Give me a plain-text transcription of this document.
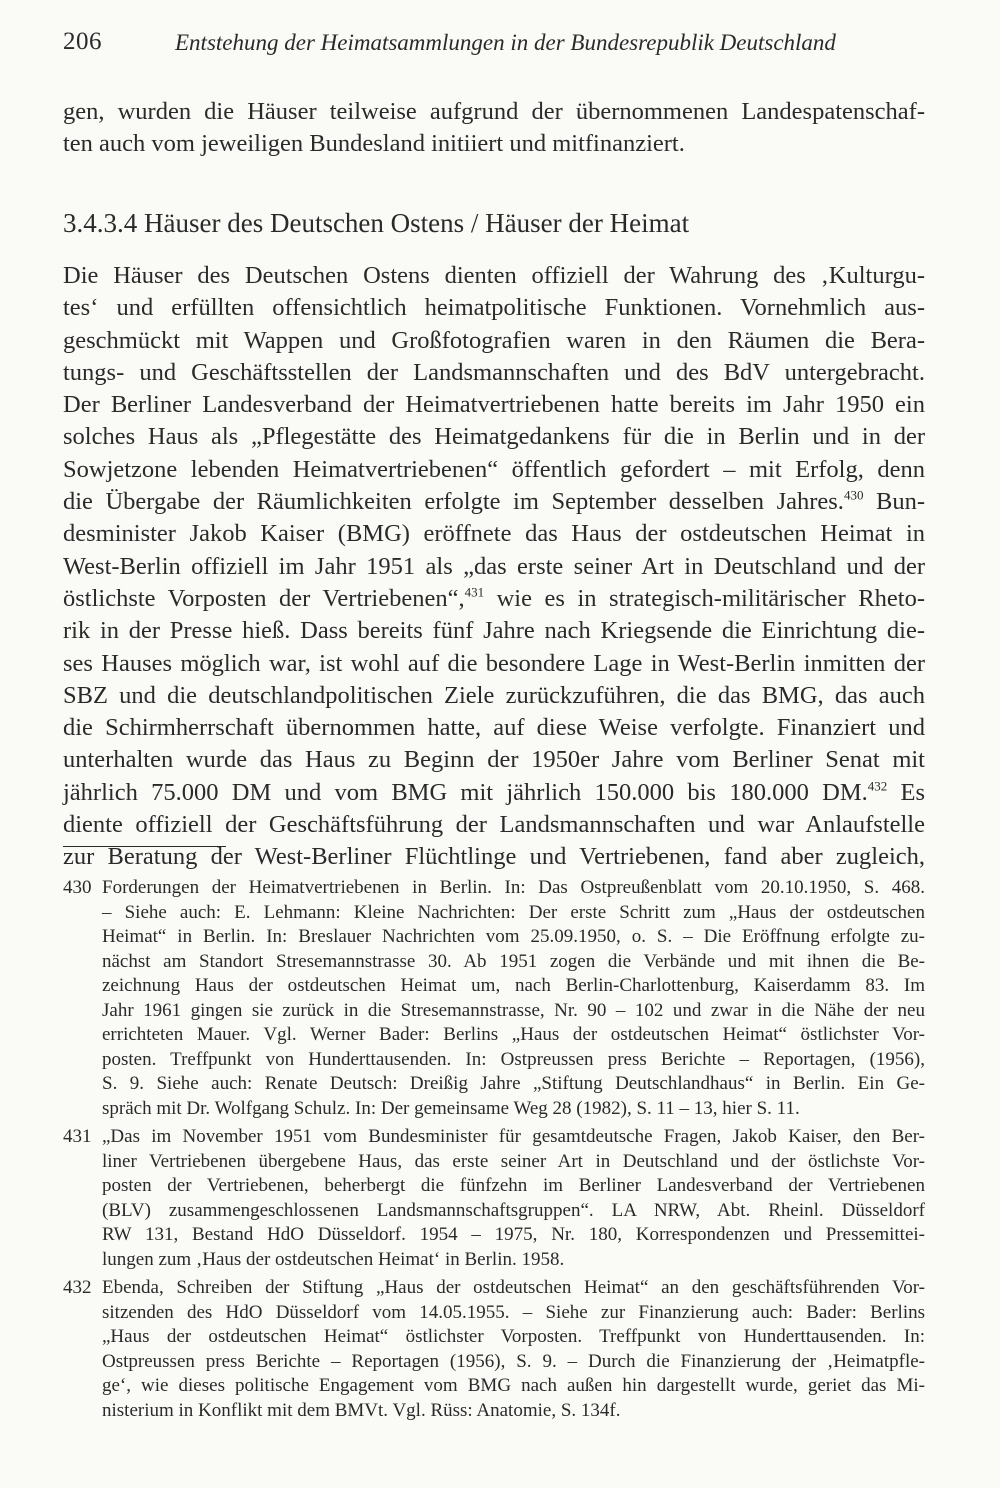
206	Entstehung der Heimatsammlungen in der Bundesrepublik Deutschland
gen, wurden die Häuser teilweise aufgrund der übernommenen Landespatenschaf-
ten auch vom jeweiligen Bundesland initiiert und mitfinanziert.
3.4.3.4 Häuser des Deutschen Ostens / Häuser der Heimat
Die Häuser des Deutschen Ostens dienten offiziell der Wahrung des ‚Kulturgu-
tes‘ und erfüllten offensichtlich heimatpolitische Funktionen. Vornehmlich aus-
geschmückt mit Wappen und Großfotografien waren in den Räumen die Bera-
tungs- und Geschäftsstellen der Landsmannschaften und des BdV untergebracht.
Der Berliner Landesverband der Heimatvertriebenen hatte bereits im Jahr 1950 ein
solches Haus als „Pflegestätte des Heimatgedankens für die in Berlin und in der
Sowjetzone lebenden Heimatvertriebenen“ öffentlich gefordert – mit Erfolg, denn
die Übergabe der Räumlichkeiten erfolgte im September desselben Jahres.$^{430}$ Bun-
desminister Jakob Kaiser (BMG) eröffnete das Haus der ostdeutschen Heimat in
West-Berlin offiziell im Jahr 1951 als „das erste seiner Art in Deutschland und der
östlichste Vorposten der Vertriebenen“,$^{431}$ wie es in strategisch-militärischer Rheto-
rik in der Presse hieß. Dass bereits fünf Jahre nach Kriegsende die Einrichtung die-
ses Hauses möglich war, ist wohl auf die besondere Lage in West-Berlin inmitten der
SBZ und die deutschlandpolitischen Ziele zurückzuführen, die das BMG, das auch
die Schirmherrschaft übernommen hatte, auf diese Weise verfolgte. Finanziert und
unterhalten wurde das Haus zu Beginn der 1950er Jahre vom Berliner Senat mit
jährlich 75.000 DM und vom BMG mit jährlich 150.000 bis 180.000 DM.$^{432}$ Es
diente offiziell der Geschäftsführung der Landsmannschaften und war Anlaufstelle
zur Beratung der West-Berliner Flüchtlinge und Vertriebenen, fand aber zugleich,
430 Forderungen der Heimatvertriebenen in Berlin. In: Das Ostpreußenblatt vom 20.10.1950, S. 468.
– Siehe auch: E. Lehmann: Kleine Nachrichten: Der erste Schritt zum „Haus der ostdeutschen
Heimat“ in Berlin. In: Breslauer Nachrichten vom 25.09.1950, o. S. – Die Eröffnung erfolgte zu-
nächst am Standort Stresemannstrasse 30. Ab 1951 zogen die Verbände und mit ihnen die Be-
zeichnung Haus der ostdeutschen Heimat um, nach Berlin-Charlottenburg, Kaiserdamm 83. Im
Jahr 1961 gingen sie zurück in die Stresemannstrasse, Nr. 90 – 102 und zwar in die Nähe der neu
errichteten Mauer. Vgl. Werner Bader: Berlins „Haus der ostdeutschen Heimat“ östlichster Vor-
posten. Treffpunkt von Hunderttausenden. In: Ostpreussen press Berichte – Reportagen, (1956),
S. 9. Siehe auch: Renate Deutsch: Dreißig Jahre „Stiftung Deutschlandhaus“ in Berlin. Ein Ge-
spräch mit Dr. Wolfgang Schulz. In: Der gemeinsame Weg 28 (1982), S. 11 – 13, hier S. 11.
431 „Das im November 1951 vom Bundesminister für gesamtdeutsche Fragen, Jakob Kaiser, den Ber-
liner Vertriebenen übergebene Haus, das erste seiner Art in Deutschland und der östlichste Vor-
posten der Vertriebenen, beherbergt die fünfzehn im Berliner Landesverband der Vertriebenen
(BLV) zusammengeschlossenen Landsmannschaftsgruppen“. LA NRW, Abt. Rheinl. Düsseldorf
RW 131, Bestand HdO Düsseldorf. 1954 – 1975, Nr. 180, Korrespondenzen und Pressemittei-
lungen zum ‚Haus der ostdeutschen Heimat‘ in Berlin. 1958.
432 Ebenda, Schreiben der Stiftung „Haus der ostdeutschen Heimat“ an den geschäftsführenden Vor-
sitzenden des HdO Düsseldorf vom 14.05.1955. – Siehe zur Finanzierung auch: Bader: Berlins
„Haus der ostdeutschen Heimat“ östlichster Vorposten. Treffpunkt von Hunderttausenden. In:
Ostpreussen press Berichte – Reportagen (1956), S. 9. – Durch die Finanzierung der ‚Heimatpfle-
ge‘, wie dieses politische Engagement vom BMG nach außen hin dargestellt wurde, geriet das Mi-
nisterium in Konflikt mit dem BMVt. Vgl. Rüss: Anatomie, S. 134f.
